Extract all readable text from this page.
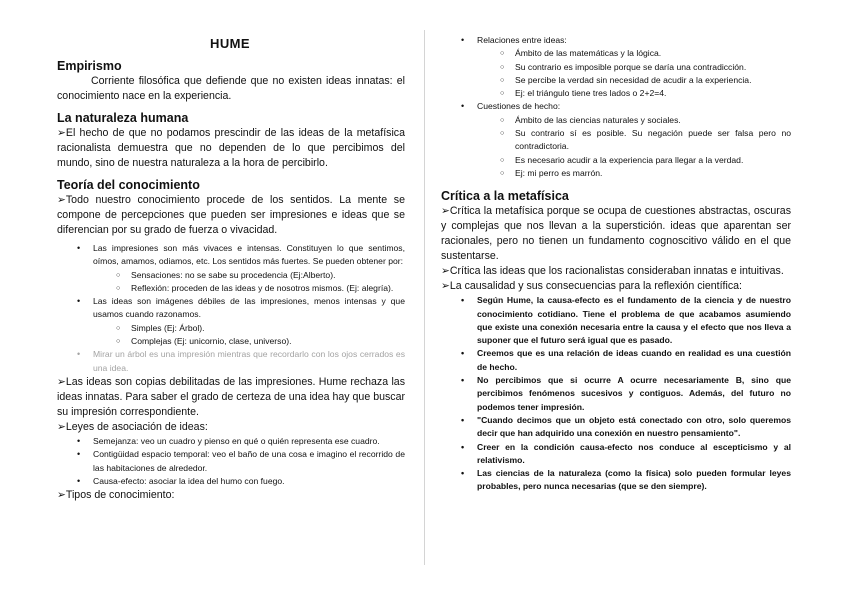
HUME
Empirismo

Corriente filosófica que defiende que no existen ideas innatas: el conocimiento nace en la experiencia.

La naturaleza humana

➢El hecho de que no podamos prescindir de las ideas de la metafísica racionalista demuestra que no dependen de lo que percibimos del mundo, sino de nuestra naturaleza a la hora de percibirlo.

Teoría del conocimiento

➢Todo nuestro conocimiento procede de los sentidos. La mente se compone de percepciones que pueden ser impresiones e ideas que se diferencian por su grado de fuerza o vivacidad.

• Las impresiones son más vivaces e intensas. Constituyen lo que sentimos, oímos, amamos, odiamos, etc. Los sentidos más fuertes. Se pueden obtener por:
○ Sensaciones: no se sabe su procedencia (Ej:Alberto).
○ Reflexión: proceden de las ideas y de nosotros mismos. (Ej: alegría).
• Las ideas son imágenes débiles de las impresiones, menos intensas y que usamos cuando razonamos.
○ Simples (Ej: Árbol).
○ Complejas (Ej: unicornio, clase, universo).
• Mirar un árbol es una impresión mientras que recordarlo con los ojos cerrados es una idea.

➢Las ideas son copias debilitadas de las impresiones. Hume rechaza las ideas innatas. Para saber el grado de certeza de una idea hay que buscar su impresión correspondiente.

➢Leyes de asociación de ideas:

• Semejanza: veo un cuadro y pienso en qué o quién representa ese cuadro.
• Contigüidad espacio temporal: veo el baño de una cosa e imagino el recorrido de las habitaciones de alrededor.
• Causa-efecto: asociar la idea del humo con fuego.

➢Tipos de conocimiento:

• Relaciones entre ideas:
○ Ámbito de las matemáticas y la lógica.
○ Su contrario es imposible porque se daría una contradicción.
○ Se percibe la verdad sin necesidad de acudir a la experiencia.
○ Ej: el triángulo tiene tres lados o 2+2=4.
• Cuestiones de hecho:
○ Ámbito de las ciencias naturales y sociales.
○ Su contrario sí es posible. Su negación puede ser falsa pero no contradictoria.
○ Es necesario acudir a la experiencia para llegar a la verdad.
○ Ej: mi perro es marrón.
Crítica a la metafísica

➢Crítica la metafísica porque se ocupa de cuestiones abstractas, oscuras y complejas que nos llevan a la superstición. ideas que aparentan ser racionales, pero no tienen un fundamento cognoscitivo válido en el que sustentarse.

➢Crítica las ideas que los racionalistas consideraban innatas e intuitivas.

➢La causalidad y sus consecuencias para la reflexión científica:

• Según Hume, la causa-efecto es el fundamento de la ciencia y de nuestro conocimiento cotidiano. Tiene el problema de que acabamos asumiendo que existe una conexión necesaria entre la causa y el efecto que nos lleva a suponer que el futuro será igual que es pasado.
• Creemos que es una relación de ideas cuando en realidad es una cuestión de hecho.
• No percibimos que si ocurre A ocurre necesariamente B, sino que percibimos fenómenos sucesivos y contiguos. Además, del futuro no podemos tener impresión.
• "Cuando decimos que un objeto está conectado con otro, solo queremos decir que han adquirido una conexión en nuestro pensamiento".
• Creer en la condición causa-efecto nos conduce al escepticismo y al relativismo.
• Las ciencias de la naturaleza (como la física) solo pueden formular leyes probables, pero nunca necesarias (que se den siempre).
